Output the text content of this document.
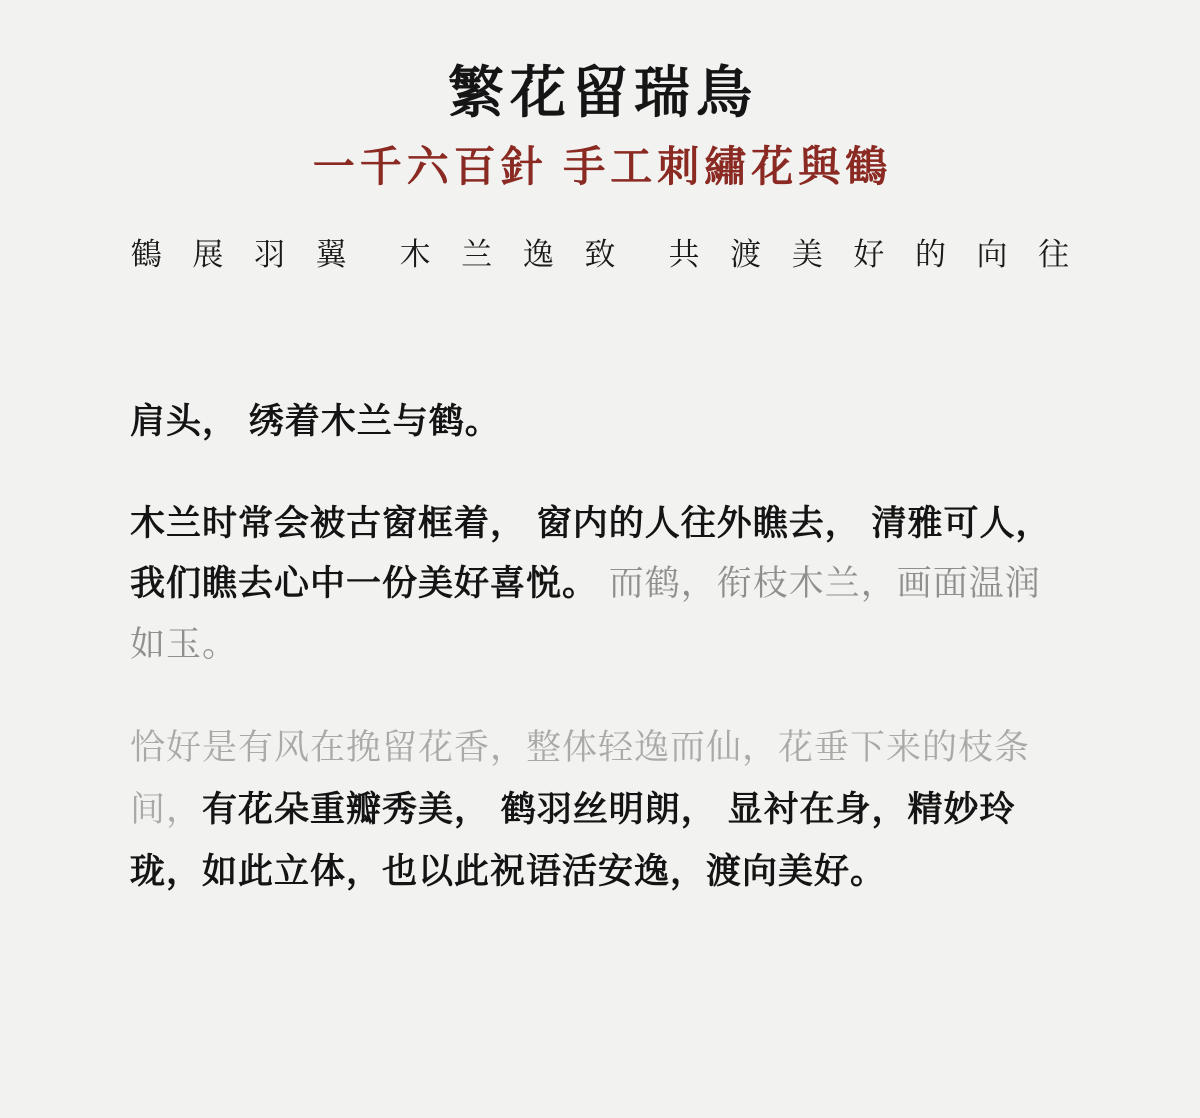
繁花留瑞鳥
一千六百針 手工刺繡花與鶴

鶴 展 羽 翼　木 兰 逸 致　共 渡 美 好 的 向 往

肩头， 绣着木兰与鹤。

木兰时常会被古窗框着， 窗内的人往外瞧去， 清雅可人，我们瞧去心中一份美好喜悦。 而鹤，衔枝木兰，画面温润如玉。

恰好是有风在挽留花香，整体轻逸而仙，花垂下来的枝条 间，有花朵重瓣秀美， 鹤羽丝明朗， 显衬在身，精妙玲珑，如此立体，也以此祝语活安逸，渡向美好。
